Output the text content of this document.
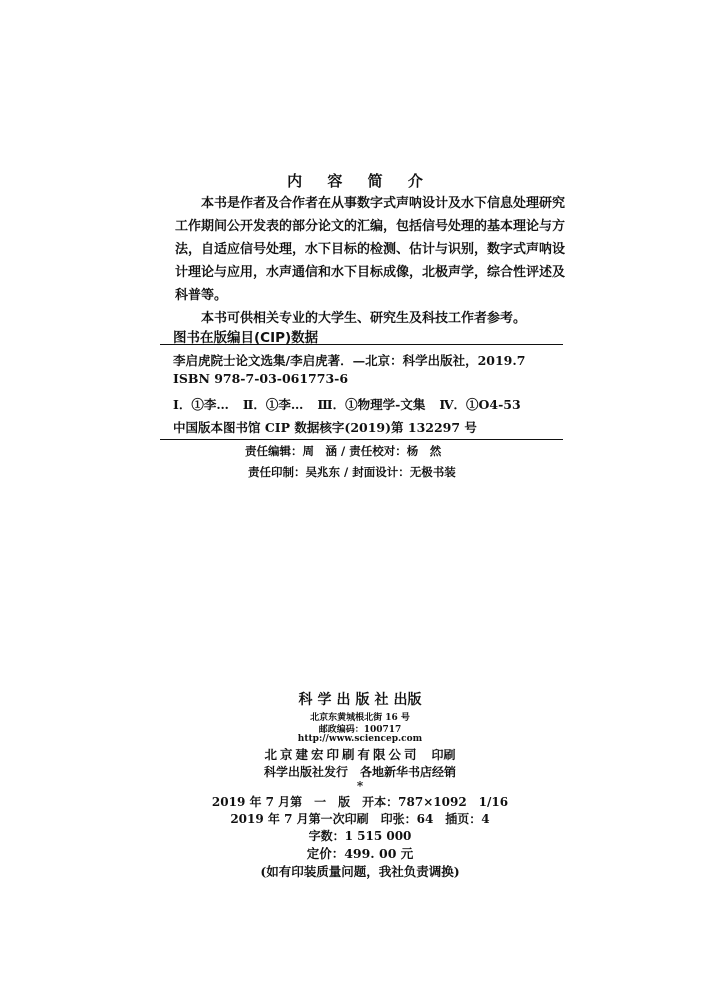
内 容 简 介

本书是作者及合作者在从事数字式声呐设计及水下信息处理研究工作期间公开发表的部分论文的汇编，包括信号处理的基本理论与方法，自适应信号处理，水下目标的检测、估计与识别，数字式声呐设计理论与应用，水声通信和水下目标成像，北极声学，综合性评述及科普等。

本书可供相关专业的大学生、研究生及科技工作者参考。

图书在版编目(CIP)数据
李启虎院士论文选集/李启虎著．—北京：科学出版社，2019.7
ISBN 978-7-03-061773-6
Ⅰ．①李… Ⅱ．①李… Ⅲ．①物理学-文集 Ⅳ．①O4-53
中国版本图书馆 CIP 数据核字(2019)第 132297 号
责任编辑：周　涵 / 责任校对：杨　然
责任印制：吴兆东 / 封面设计：无极书装
科学出版社出版
北京东黄城根北街 16 号
邮政编码：100717
http://www.sciencep.com
北京建宏印刷有限公司  印刷
科学出版社发行　各地新华书店经销
*
2019 年 7 月第　一　版　开本：787×1092　1/16
2019 年 7 月第一次印刷　印张：64　插页：4
字数：1 515 000
定价：499. 00 元
(如有印装质量问题，我社负责调换)
